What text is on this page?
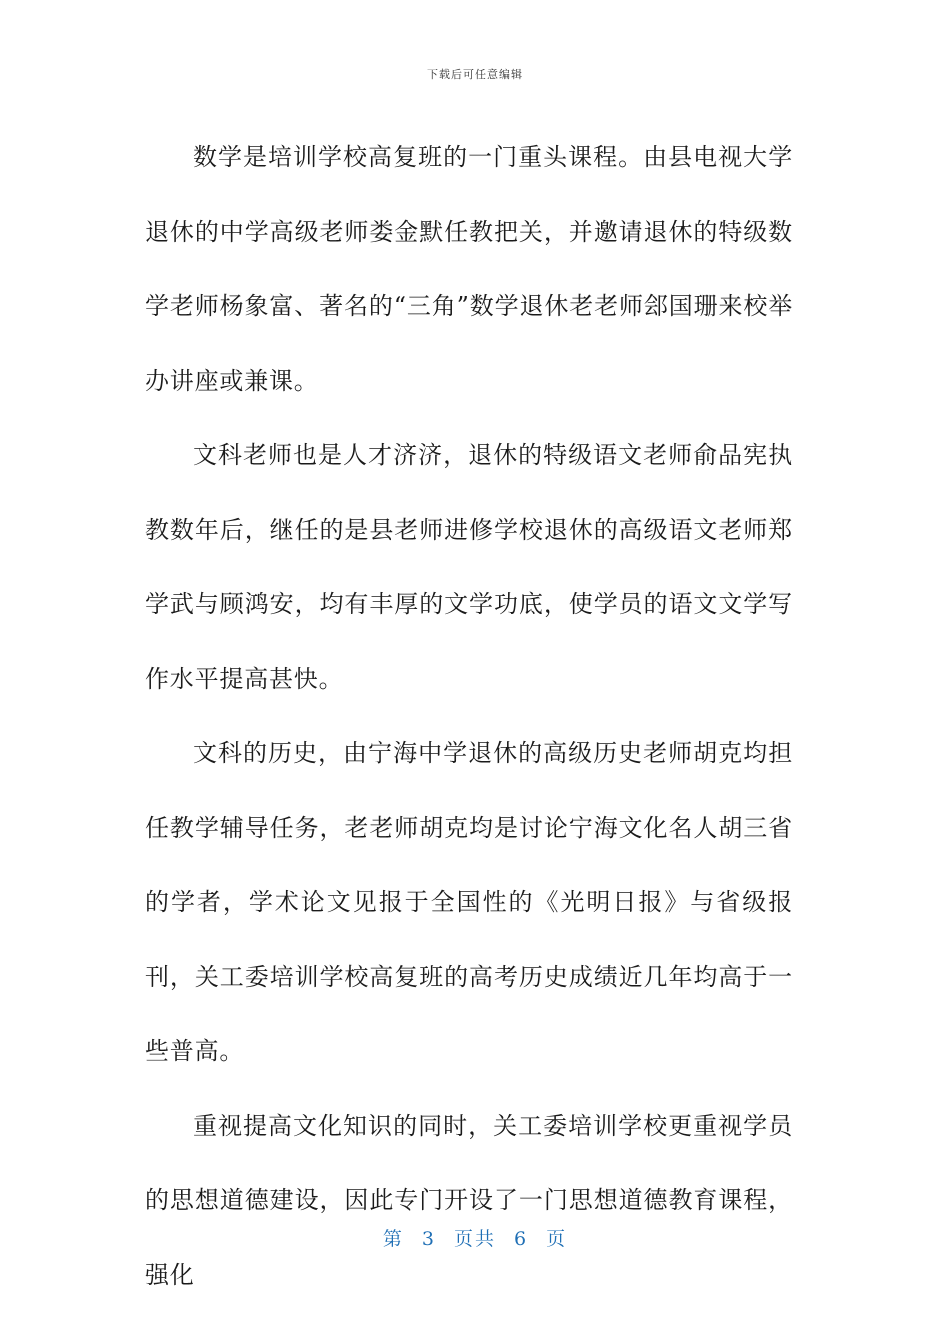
下载后可任意编辑

数学是培训学校高复班的一门重头课程。由县电视大学退休的中学高级老师娄金默任教把关，并邀请退休的特级数学老师杨象富、著名的“三角”数学退休老老师郐国珊来校举办讲座或兼课。

文科老师也是人才济济，退休的特级语文老师俞品宪执教数年后，继任的是县老师进修学校退休的高级语文老师郑学武与顾鸿安，均有丰厚的文学功底，使学员的语文文学写作水平提高甚快。

文科的历史，由宁海中学退休的高级历史老师胡克均担任教学辅导任务，老老师胡克均是讨论宁海文化名人胡三省的学者，学术论文见报于全国性的《光明日报》与省级报刊，关工委培训学校高复班的高考历史成绩近几年均高于一些普高。

重视提高文化知识的同时，关工委培训学校更重视学员的思想道德建设，因此专门开设了一门思想道德教育课程，强化

第 3 页共 6 页
